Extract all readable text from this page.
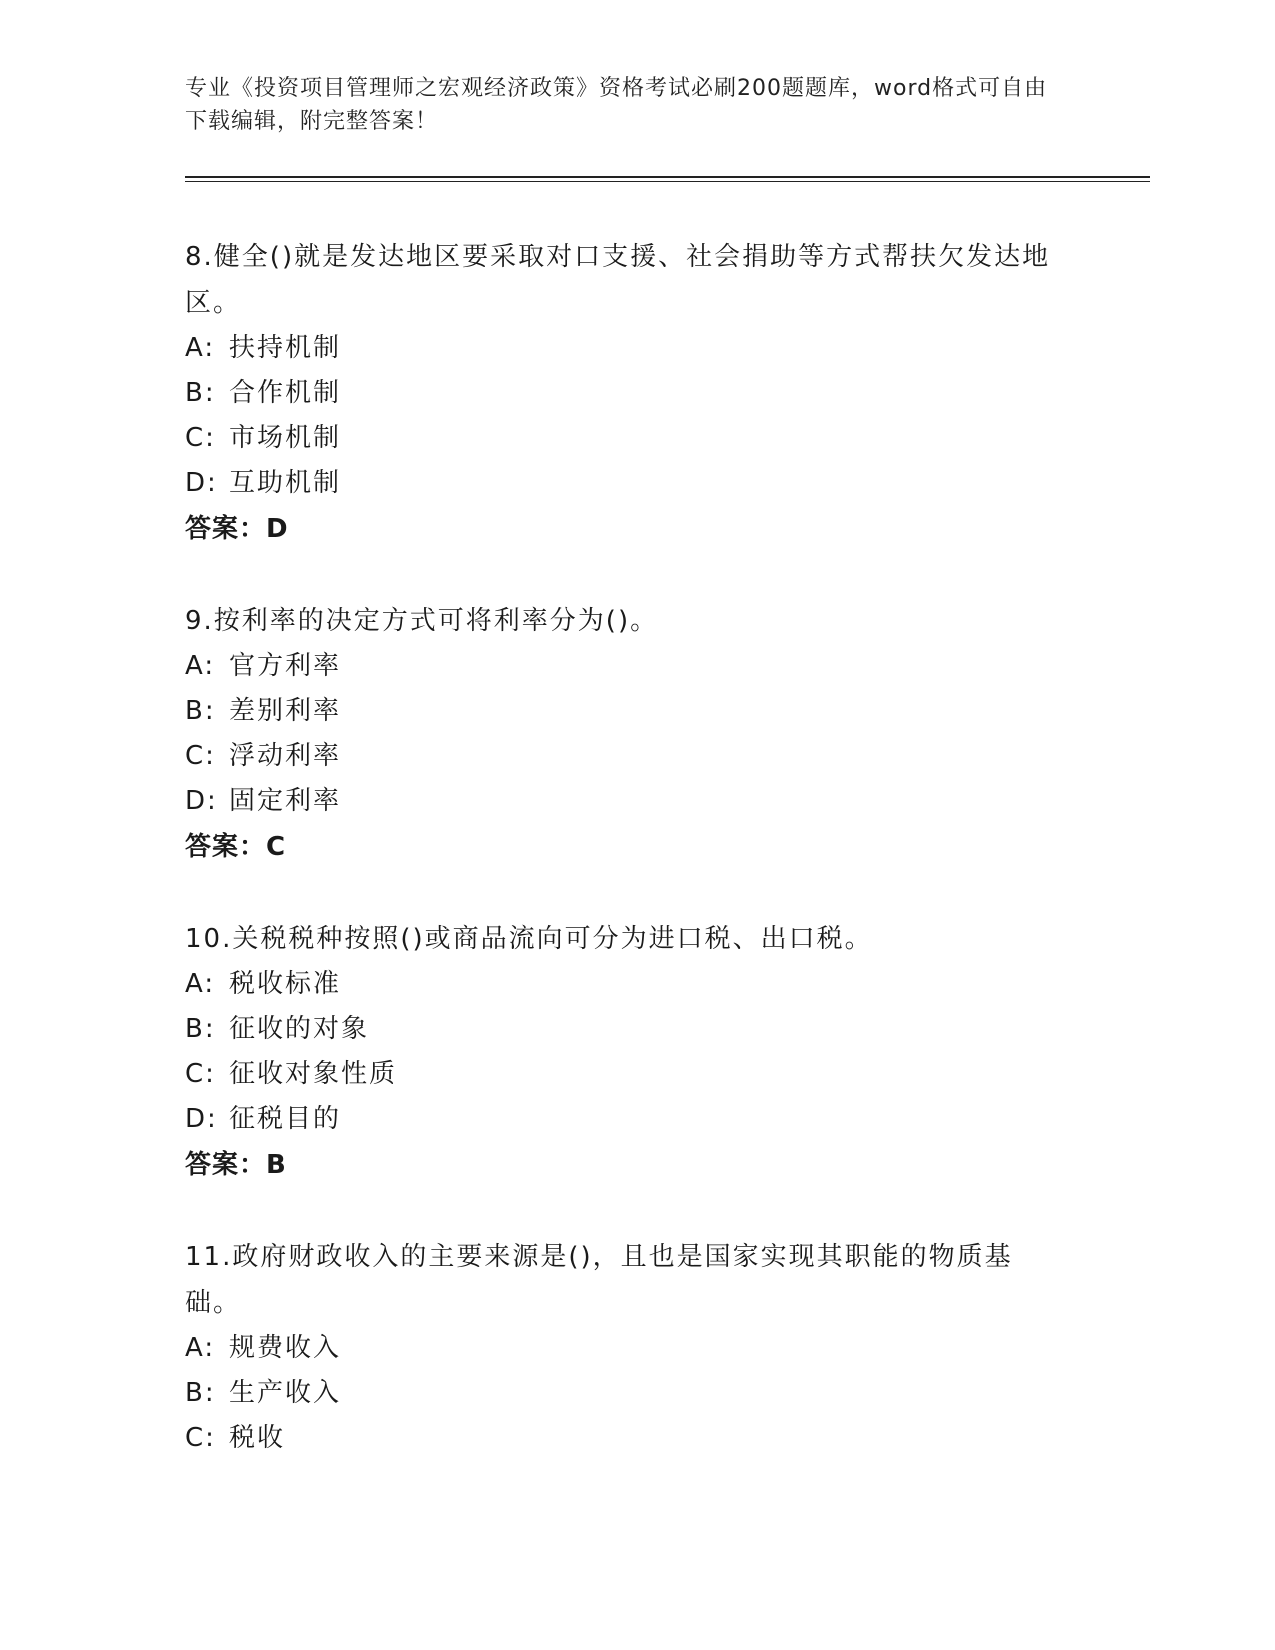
专业《投资项目管理师之宏观经济政策》资格考试必刷200题题库，word格式可自由下载编辑，附完整答案！

8.健全()就是发达地区要采取对口支援、社会捐助等方式帮扶欠发达地区。

A: 扶持机制

B: 合作机制

C: 市场机制

D: 互助机制

答案：D

9.按利率的决定方式可将利率分为()。

A: 官方利率

B: 差别利率

C: 浮动利率

D: 固定利率

答案：C

10.关税税种按照()或商品流向可分为进口税、出口税。

A: 税收标准

B: 征收的对象

C: 征收对象性质

D: 征税目的

答案：B

11.政府财政收入的主要来源是()，且也是国家实现其职能的物质基础。

A: 规费收入

B: 生产收入

C: 税收
